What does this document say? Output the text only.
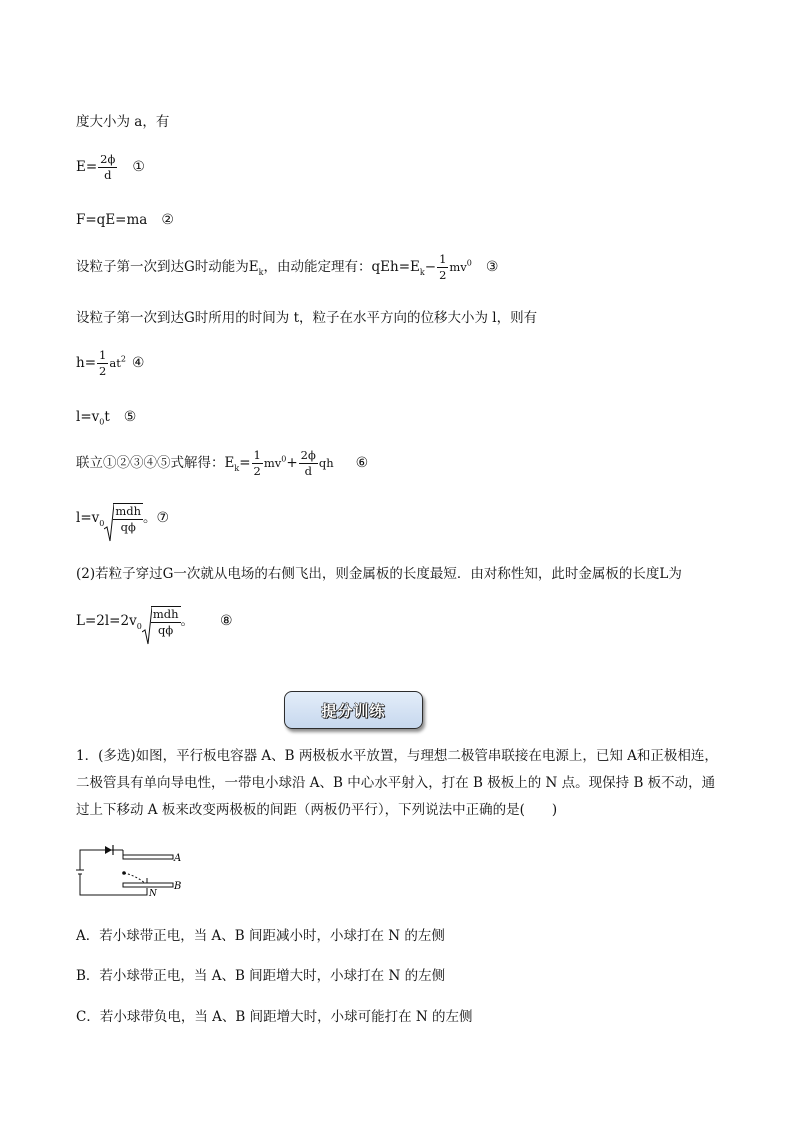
度大小为 a，有
$E= \frac{2\phi}{d}$ ①
F=qE=ma ②
设粒子第一次到达G时动能为$E_k$，由动能定理有：$qEh=E_k- \frac{1}{2} mv^0$ ③
设粒子第一次到达G时所用的时间为 t，粒子在水平方向的位移大小为 l，则有
$h= \frac{1}{2} at^2$ ④
$l=v_0t$ ⑤
联立①②③④⑤式解得：$E_k= \frac{1}{2} mv^0+ \frac{2\phi}{d}$ qh ⑥
$l=v_0 \frac{\text{mdh}}{q\phi}$ 。⑦
(2)若粒子穿过G一次就从电场的右侧飞出，则金属板的长度最短．由对称性知，此时金属板的长度L为
$L=2l=2v_0 \frac{\text{mdh}}{q\phi}$ 。 ⑧
提分训练
1．(多选)如图，平行板电容器 A、B 两极板水平放置，与理想二极管串联接在电源上，已知 A和正极相连，二极管具有单向导电性，一带电小球沿 A、B 中心水平射入，打在 B 极板上的 N 点。现保持 B 板不动，通过上下移动 A 板来改变两极板的间距（两板仍平行），下列说法中正确的是(　　)
A
B
N
A．若小球带正电，当 A、B 间距减小时，小球打在 N 的左侧
B．若小球带正电，当 A、B 间距增大时，小球打在 N 的左侧
C．若小球带负电，当 A、B 间距增大时，小球可能打在 N 的左侧
